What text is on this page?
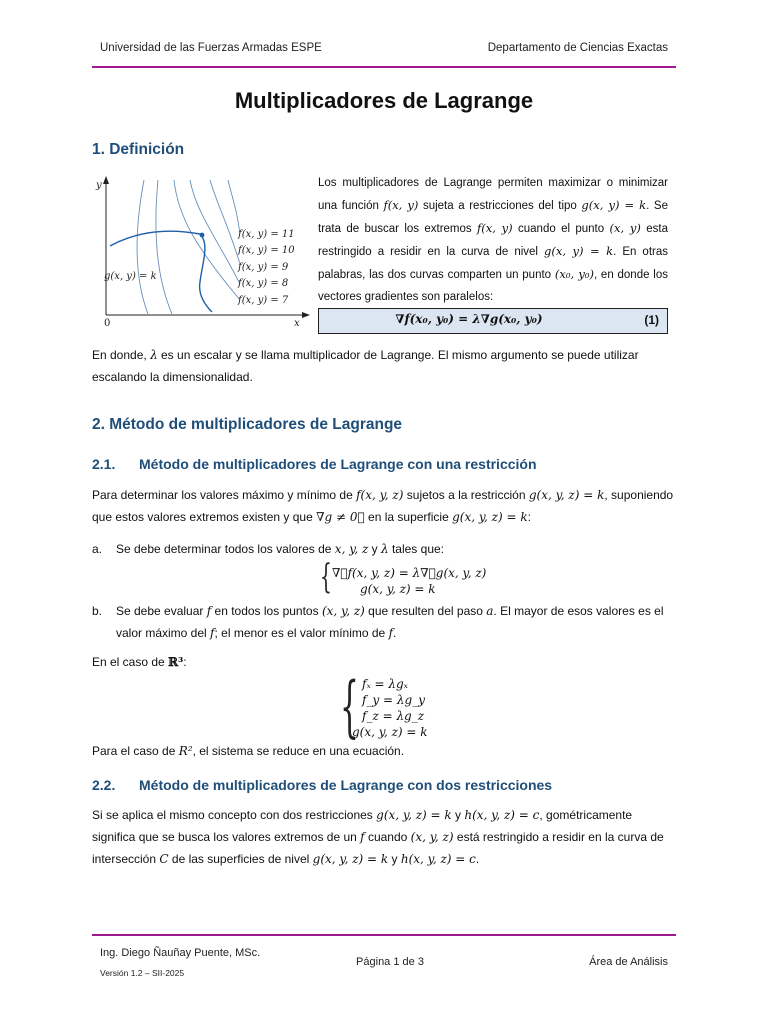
Universidad de las Fuerzas Armadas ESPE	Departamento de Ciencias Exactas
Multiplicadores de Lagrange
1. Definición
y
x
0
g(x, y) = k
f(x, y) = 11
f(x, y) = 10
f(x, y) = 9
f(x, y) = 8
f(x, y) = 7
Los multiplicadores de Lagrange permiten maximizar o minimizar una función f(x, y) sujeta a restricciones del tipo g(x, y) = k. Se trata de buscar los extremos f(x, y) cuando el punto (x, y) esta restringido a residir en la curva de nivel g(x, y) = k. En otras palabras, las dos curvas comparten un punto (x₀, y₀), en donde los vectores gradientes son paralelos:
∇f(x₀, y₀) = λ∇g(x₀, y₀)	(1)
En donde, λ es un escalar y se llama multiplicador de Lagrange. El mismo argumento se puede utilizar escalando la dimensionalidad.
2. Método de multiplicadores de Lagrange
2.1. Método de multiplicadores de Lagrange con una restricción
Para determinar los valores máximo y mínimo de f(x, y, z) sujetos a la restricción g(x, y, z) = k, suponiendo que estos valores extremos existen y que ∇g ≠ 0⃗ en la superficie g(x, y, z) = k:
a. Se debe determinar todos los valores de x, y, z y λ tales que:
{ ∇⃗f(x, y, z) = λ∇⃗g(x, y, z)
g(x, y, z) = k
b. Se debe evaluar f en todos los puntos (x, y, z) que resulten del paso a. El mayor de esos valores es el valor máximo del f; el menor es el valor mínimo de f.
En el caso de ℝ³:
{ fₓ = λgₓ
f_y = λg_y
f_z = λg_z
g(x, y, z) = k
Para el caso de R², el sistema se reduce en una ecuación.
2.2. Método de multiplicadores de Lagrange con dos restricciones
Si se aplica el mismo concepto con dos restricciones g(x, y, z) = k y h(x, y, z) = c, gométricamente significa que se busca los valores extremos de un f cuando (x, y, z) está restringido a residir en la curva de intersección C de las superficies de nivel g(x, y, z) = k y h(x, y, z) = c.
Ing. Diego Ñauñay Puente, MSc.
Versión 1.2 – SII-2025
Página 1 de 3	Área de Análisis
